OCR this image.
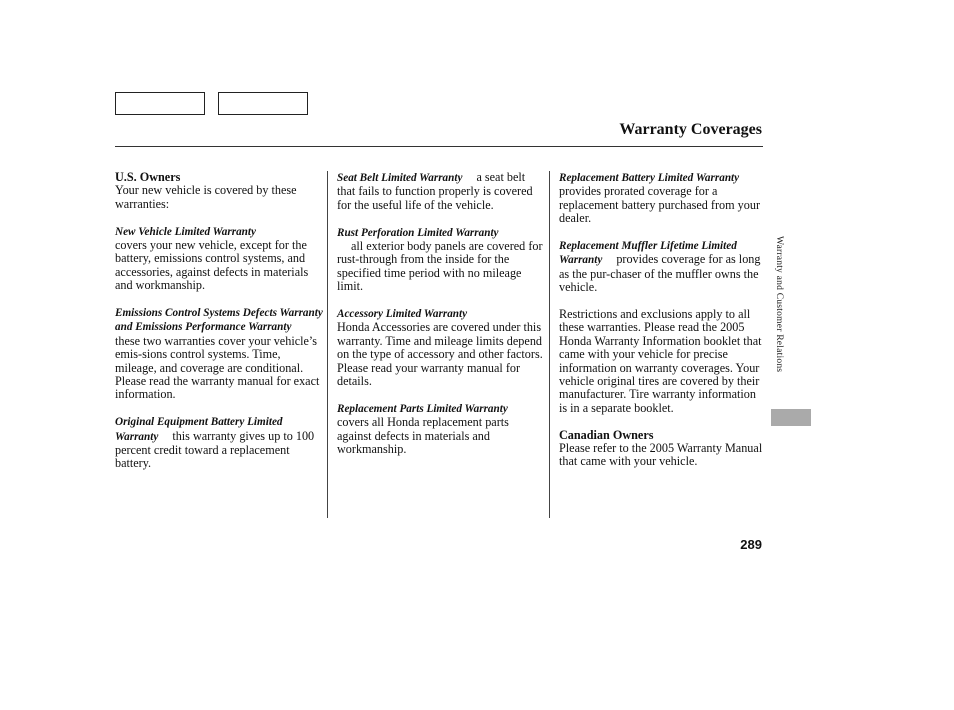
Warranty Coverages

U.S. Owners
Your new vehicle is covered by these warranties:

New Vehicle Limited Warranty
covers your new vehicle, except for the battery, emissions control systems, and accessories, against defects in materials and workmanship.

Emissions Control Systems Defects Warranty and Emissions Performance Warrantythese two warranties cover your vehicle’s emis-sions control systems. Time, mileage, and coverage are conditional. Please read the warranty manual for exact information.

Original Equipment Battery Limited Warranty this warranty gives up to 100 percent credit toward a replacement battery.

Seat Belt Limited Warranty a seat belt that fails to function properly is covered for the useful life of the vehicle.

Rust Perforation Limited Warranty
all exterior body panels are covered for rust-through from the inside for the specified time period with no mileage limit.

Accessory Limited Warranty
Honda Accessories are covered under this warranty. Time and mileage limits depend on the type of accessory and other factors. Please read your warranty manual for details.

Replacement Parts Limited Warrantycovers all Honda replacement parts against defects in materials and workmanship.

Replacement Battery Limited Warrantyprovides prorated coverage for a replacement battery purchased from your dealer.

Replacement Muffler Lifetime Limited Warranty provides coverage for as long as the pur-chaser of the muffler owns the vehicle.

Restrictions and exclusions apply to all these warranties. Please read the 2005 Honda Warranty Information booklet that came with your vehicle for precise information on warranty coverages. Your vehicle original tires are covered by their manufacturer. Tire warranty information is in a separate booklet.

Canadian Owners
Please refer to the 2005 Warranty Manual that came with your vehicle.

Warranty and Customer Relations
289
